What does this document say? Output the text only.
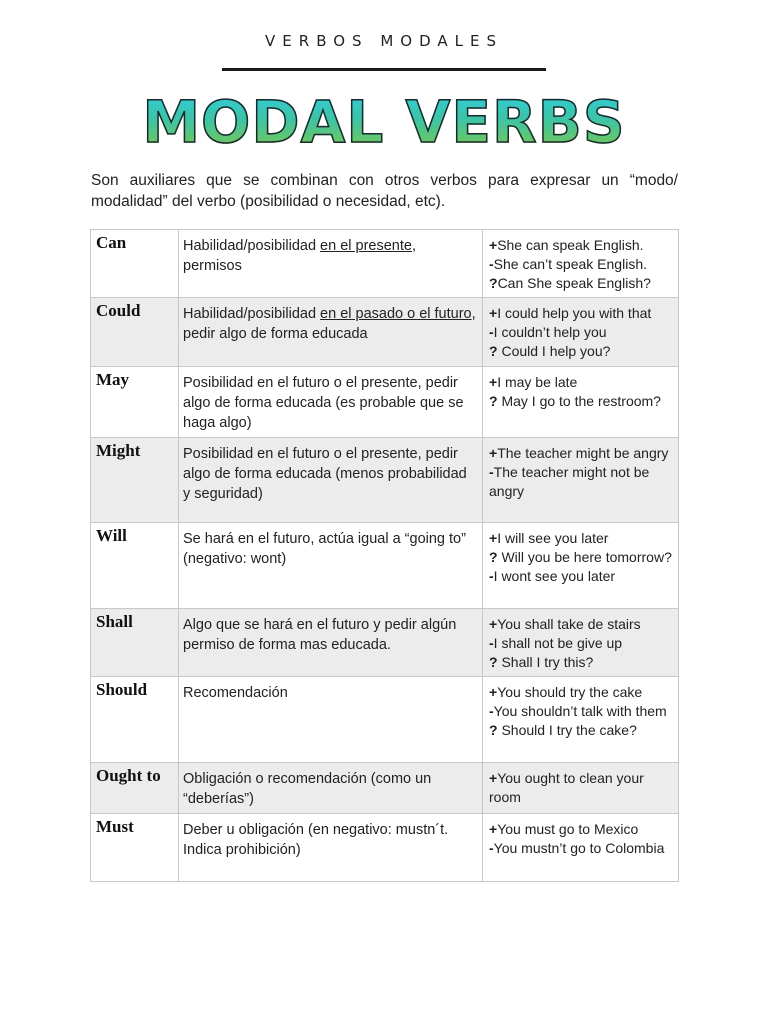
VERBOS MODALES
MODAL VERBS
Son auxiliares que se combinan con otros verbos para expresar un “modo/ modalidad” del verbo (posibilidad o necesidad, etc).
Can	Habilidad/posibilidad en el presente, permisos	+She can speak English.
-She can’t speak English.
?Can She speak English?

Could	Habilidad/posibilidad en el pasado o el futuro, pedir algo de forma educada	+I could help you with that
-I couldn’t help you
? Could I help you?

May	Posibilidad en el futuro o el presente, pedir algo de forma educada (es probable que se haga algo)	+I may be late
? May I go to the restroom?

Might	Posibilidad en el futuro o el presente, pedir algo de forma educada (menos probabilidad y seguridad)	+The teacher might be angry
-The teacher might not be angry

Will	Se hará en el futuro, actúa igual a “going to” (negativo: wont)	+I will see you later
? Will you be here tomorrow?
-I wont see you later

Shall	Algo que se hará en el futuro y pedir algún permiso de forma mas educada.	+You shall take de stairs
-I shall not be give up
? Shall I try this?

Should	Recomendación	+You should try the cake
-You shouldn’t talk with them
? Should I try the cake?

Ought to	Obligación o recomendación (como un “deberías”)	+You ought to clean your room

Must	Deber u obligación (en negativo: mustn´t. Indica prohibición)	+You must go to Mexico
-You mustn’t go to Colombia
